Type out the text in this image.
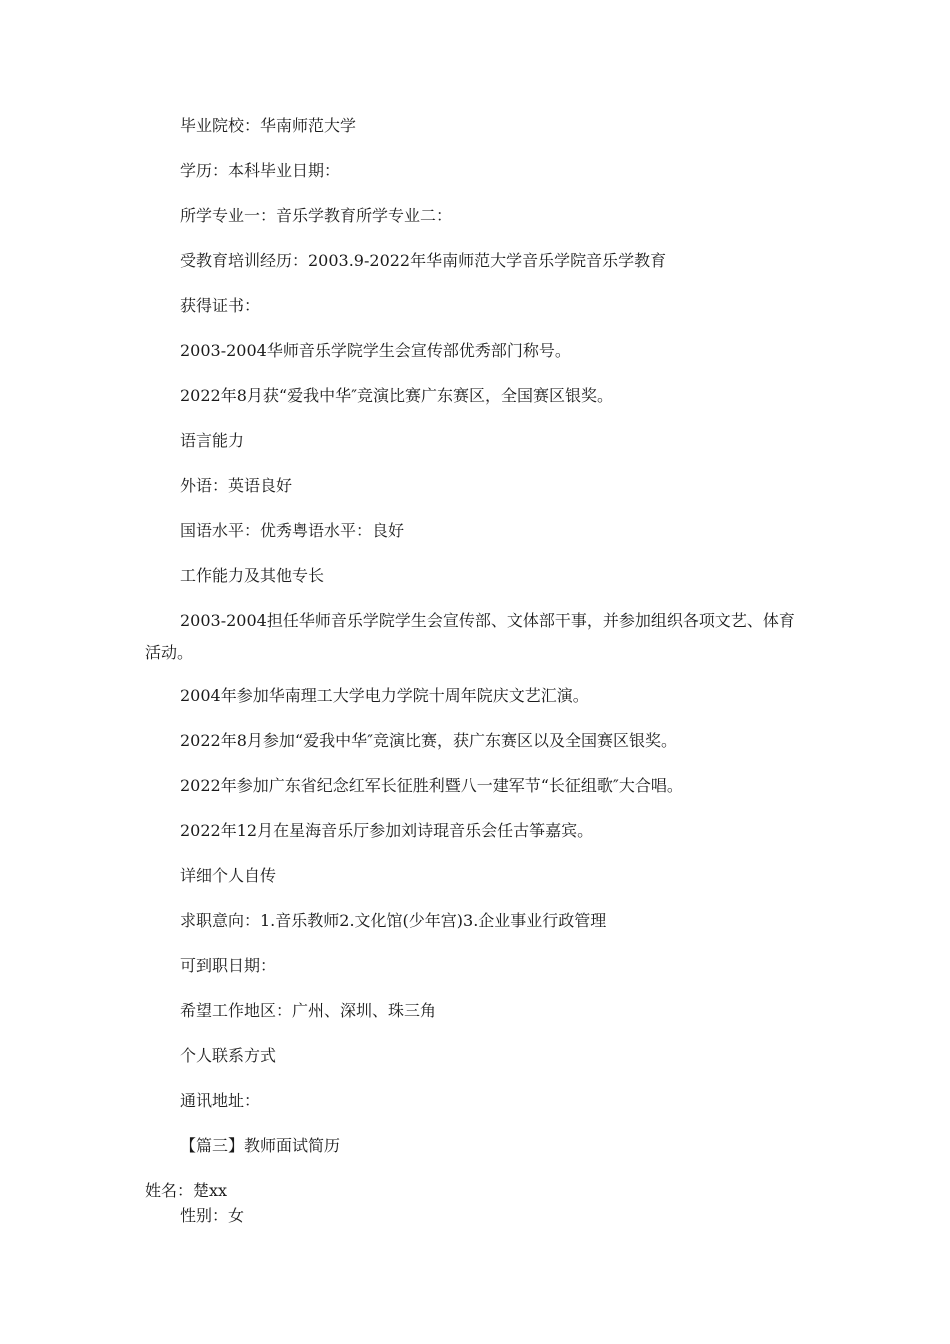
毕业院校：华南师范大学

学历：本科毕业日期：

所学专业一：音乐学教育所学专业二：

受教育培训经历：2003.9-2022年华南师范大学音乐学院音乐学教育

获得证书：

2003-2004华师音乐学院学生会宣传部优秀部门称号。

2022年8月获“爱我中华″竞演比赛广东赛区，全国赛区银奖。

语言能力

外语：英语良好

国语水平：优秀粤语水平：良好

工作能力及其他专长

2003-2004担任华师音乐学院学生会宣传部、文体部干事，并参加组织各项文艺、体育活动。

2004年参加华南理工大学电力学院十周年院庆文艺汇演。

2022年8月参加“爱我中华″竞演比赛，获广东赛区以及全国赛区银奖。

2022年参加广东省纪念红军长征胜利暨八一建军节“长征组歌″大合唱。

2022年12月在星海音乐厅参加刘诗琨音乐会任古筝嘉宾。

详细个人自传

求职意向：1.音乐教师2.文化馆(少年宫)3.企业事业行政管理

可到职日期：

希望工作地区：广州、深圳、珠三角

个人联系方式

通讯地址：

【篇三】教师面试简历

姓名：楚xx

性别：女
